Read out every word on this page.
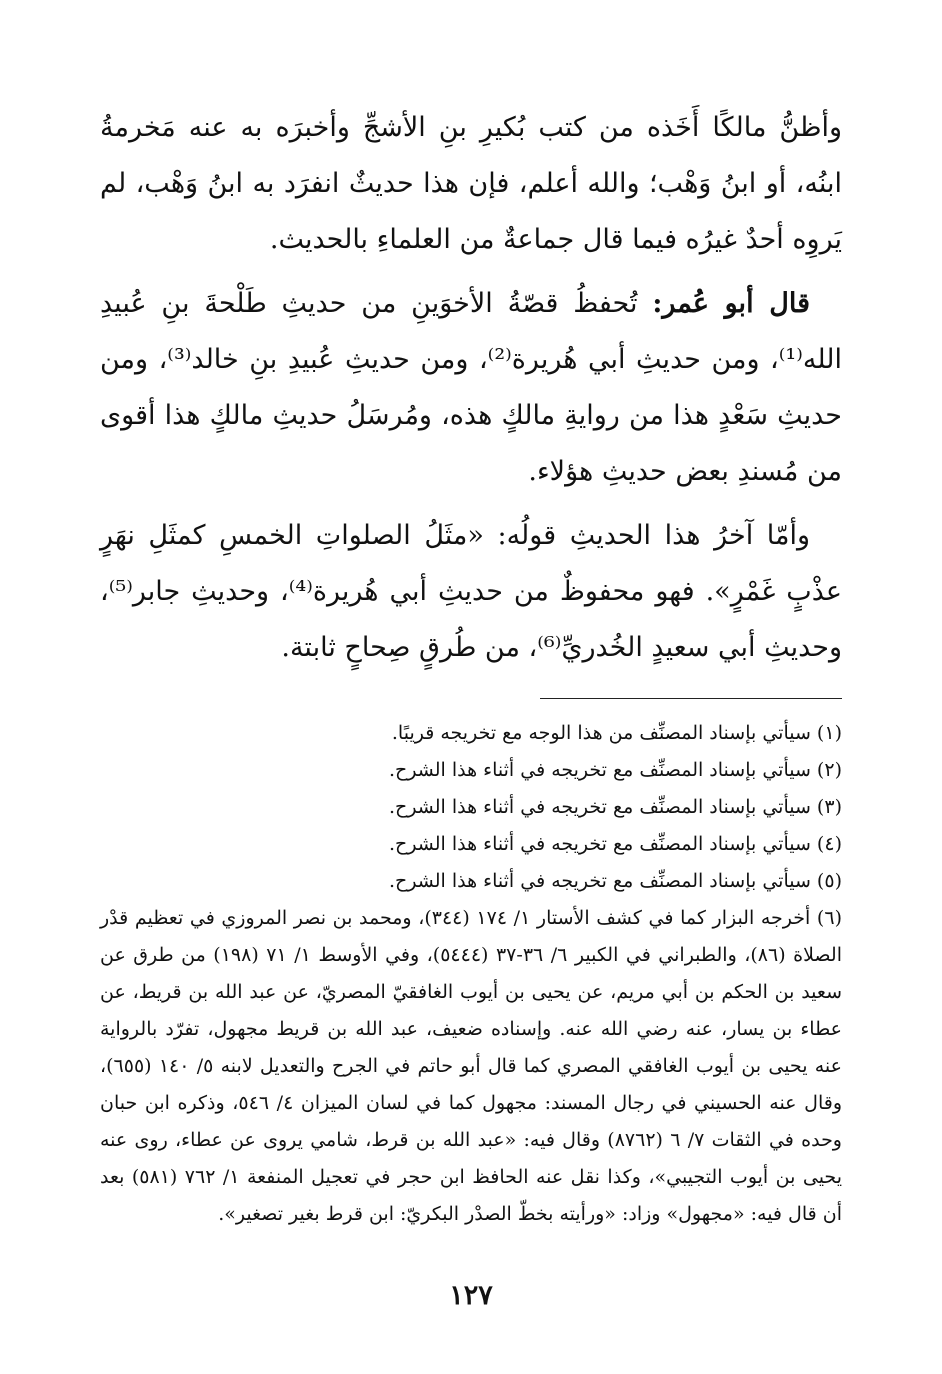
وأظنُّ مالكًا أَخَذه من كتب بُكيرِ بنِ الأشجِّ وأخبرَه به عنه مَخرمةُ ابنُه، أو ابنُ وَهْب؛ والله أعلم، فإن هذا حديثٌ انفرَد به ابنُ وَهْب، لم يَروِه أحدٌ غيرُه فيما قال جماعةٌ من العلماءِ بالحديث.

قال أبو عُمر: تُحفظُ قصّةُ الأخوَينِ من حديثِ طَلْحةَ بنِ عُبيدِ الله⁽¹⁾، ومن حديثِ أبي هُريرة⁽²⁾، ومن حديثِ عُبيدِ بنِ خالد⁽³⁾، ومن حديثِ سَعْدٍ هذا من روايةِ مالكٍ هذه، ومُرسَلُ حديثِ مالكٍ هذا أقوى من مُسندِ بعض حديثِ هؤلاء.

وأمّا آخرُ هذا الحديثِ قولُه: «مثَلُ الصلواتِ الخمسِ كمثَلِ نهَرٍ عذْبٍ غَمْرٍ». فهو محفوظٌ من حديثِ أبي هُريرة⁽⁴⁾، وحديثِ جابر⁽⁵⁾، وحديثِ أبي سعيدٍ الخُدريِّ⁽⁶⁾، من طُرقٍ صِحاحٍ ثابتة.

(١) سيأتي بإسناد المصنِّف من هذا الوجه مع تخريجه قريبًا.

(٢) سيأتي بإسناد المصنِّف مع تخريجه في أثناء هذا الشرح.

(٣) سيأتي بإسناد المصنِّف مع تخريجه في أثناء هذا الشرح.

(٤) سيأتي بإسناد المصنِّف مع تخريجه في أثناء هذا الشرح.

(٥) سيأتي بإسناد المصنِّف مع تخريجه في أثناء هذا الشرح.

(٦) أخرجه البزار كما في كشف الأستار ١/ ١٧٤ (٣٤٤)، ومحمد بن نصر المروزي في تعظيم قدْر الصلاة (٨٦)، والطبراني في الكبير ٦/ ٣٦-٣٧ (٥٤٤٤)، وفي الأوسط ١/ ٧١ (١٩٨) من طرق عن سعيد بن الحكم بن أبي مريم، عن يحيى بن أيوب الغافقيّ المصريّ، عن عبد الله بن قريط، عن عطاء بن يسار، عنه رضي الله عنه. وإسناده ضعيف، عبد الله بن قريط مجهول، تفرّد بالرواية عنه يحيى بن أيوب الغافقي المصري كما قال أبو حاتم في الجرح والتعديل لابنه ٥/ ١٤٠ (٦٥٥)، وقال عنه الحسيني في رجال المسند: مجهول كما في لسان الميزان ٤/ ٥٤٦، وذكره ابن حبان وحده في الثقات ٧/ ٦ (٨٧٦٢) وقال فيه: «عبد الله بن قرط، شامي يروى عن عطاء، روى عنه يحيى بن أيوب التجيبي»، وكذا نقل عنه الحافظ ابن حجر في تعجيل المنفعة ١/ ٧٦٢ (٥٨١) بعد أن قال فيه: «مجهول» وزاد: «ورأيته بخطّ الصدْر البكريّ: ابن قرط بغير تصغير».

١٢٧
